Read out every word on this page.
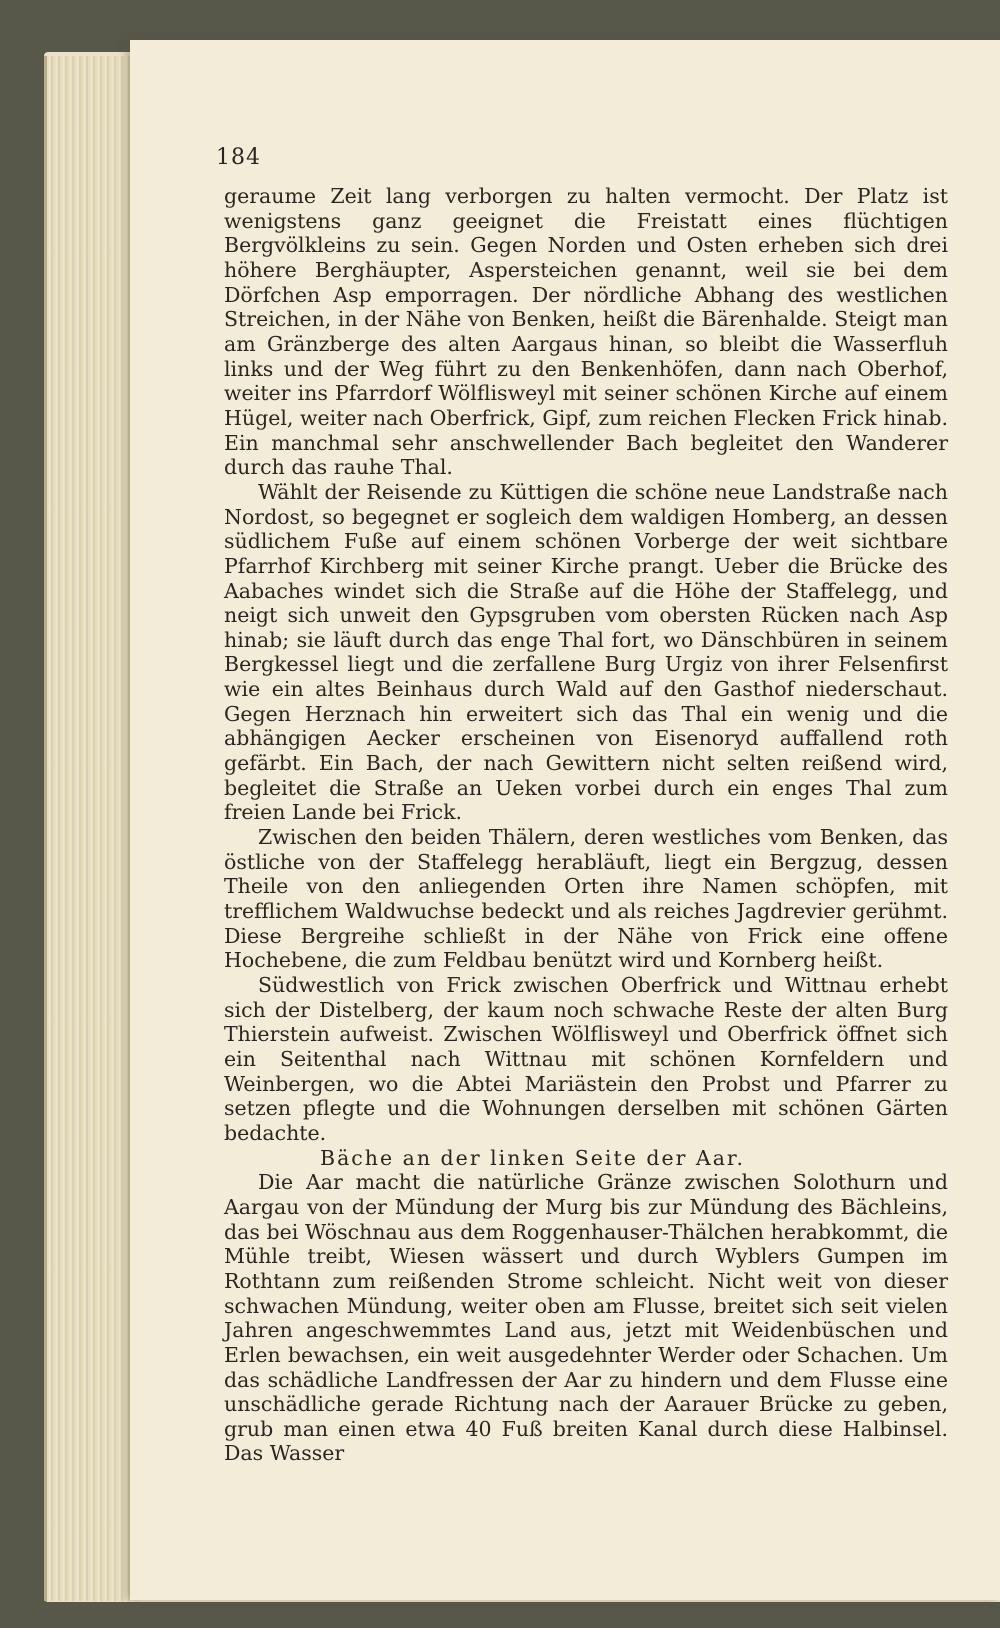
184

geraume Zeit lang verborgen zu halten vermocht. Der Platz ist wenigstens ganz geeignet die Freistatt eines flüchtigen Bergvölkleins zu sein. Gegen Norden und Osten erheben sich drei höhere Berghäupter, Aspersteichen genannt, weil sie bei dem Dörfchen Asp emporragen. Der nördliche Abhang des westlichen Streichen, in der Nähe von Benken, heißt die Bärenhalde. Steigt man am Gränzberge des alten Aargaus hinan, so bleibt die Wasserfluh links und der Weg führt zu den Benkenhöfen, dann nach Oberhof, weiter ins Pfarrdorf Wölflisweyl mit seiner schönen Kirche auf einem Hügel, weiter nach Oberfrick, Gipf, zum reichen Flecken Frick hinab. Ein manchmal sehr anschwellender Bach begleitet den Wanderer durch das rauhe Thal.

Wählt der Reisende zu Küttigen die schöne neue Landstraße nach Nordost, so begegnet er sogleich dem waldigen Homberg, an dessen südlichem Fuße auf einem schönen Vorberge der weit sichtbare Pfarrhof Kirchberg mit seiner Kirche prangt. Ueber die Brücke des Aabaches windet sich die Straße auf die Höhe der Staffelegg, und neigt sich unweit den Gypsgruben vom obersten Rücken nach Asp hinab; sie läuft durch das enge Thal fort, wo Dänschbüren in seinem Bergkessel liegt und die zerfallene Burg Urgiz von ihrer Felsenfirst wie ein altes Beinhaus durch Wald auf den Gasthof niederschaut. Gegen Herznach hin erweitert sich das Thal ein wenig und die abhängigen Aecker erscheinen von Eisenoryd auffallend roth gefärbt. Ein Bach, der nach Gewittern nicht selten reißend wird, begleitet die Straße an Ueken vorbei durch ein enges Thal zum freien Lande bei Frick.

Zwischen den beiden Thälern, deren westliches vom Benken, das östliche von der Staffelegg herabläuft, liegt ein Bergzug, dessen Theile von den anliegenden Orten ihre Namen schöpfen, mit trefflichem Waldwuchse bedeckt und als reiches Jagdrevier gerühmt. Diese Bergreihe schließt in der Nähe von Frick eine offene Hochebene, die zum Feldbau benützt wird und Kornberg heißt.

Südwestlich von Frick zwischen Oberfrick und Wittnau erhebt sich der Distelberg, der kaum noch schwache Reste der alten Burg Thierstein aufweist. Zwischen Wölflisweyl und Oberfrick öffnet sich ein Seitenthal nach Wittnau mit schönen Kornfeldern und Weinbergen, wo die Abtei Mariästein den Probst und Pfarrer zu setzen pflegte und die Wohnungen derselben mit schönen Gärten bedachte.

Bäche an der linken Seite der Aar.

Die Aar macht die natürliche Gränze zwischen Solothurn und Aargau von der Mündung der Murg bis zur Mündung des Bächleins, das bei Wöschnau aus dem Roggenhauser-Thälchen herabkommt, die Mühle treibt, Wiesen wässert und durch Wyblers Gumpen im Rothtann zum reißenden Strome schleicht. Nicht weit von dieser schwachen Mündung, weiter oben am Flusse, breitet sich seit vielen Jahren angeschwemmtes Land aus, jetzt mit Weidenbüschen und Erlen bewachsen, ein weit ausgedehnter Werder oder Schachen. Um das schädliche Landfressen der Aar zu hindern und dem Flusse eine unschädliche gerade Richtung nach der Aarauer Brücke zu geben, grub man einen etwa 40 Fuß breiten Kanal durch diese Halbinsel. Das Wasser
